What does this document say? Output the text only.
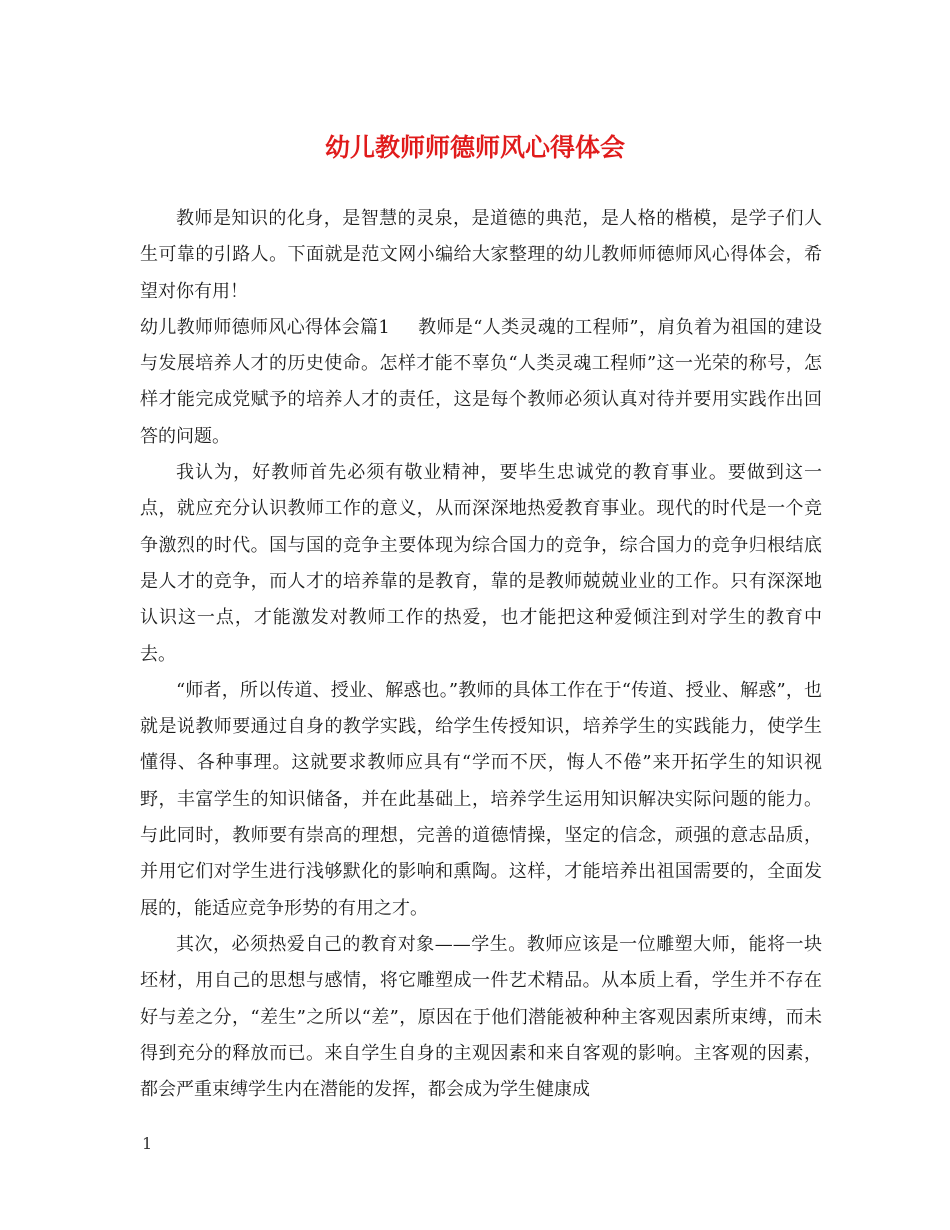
幼儿教师师德师风心得体会

教师是知识的化身，是智慧的灵泉，是道德的典范，是人格的楷模，是学子们人生可靠的引路人。下面就是范文网小编给大家整理的幼儿教师师德师风心得体会，希望对你有用！

幼儿教师师德师风心得体会篇1 教师是“人类灵魂的工程师”，肩负着为祖国的建设与发展培养人才的历史使命。怎样才能不辜负“人类灵魂工程师”这一光荣的称号，怎样才能完成党赋予的培养人才的责任，这是每个教师必须认真对待并要用实践作出回答的问题。

我认为，好教师首先必须有敬业精神，要毕生忠诚党的教育事业。要做到这一点，就应充分认识教师工作的意义，从而深深地热爱教育事业。现代的时代是一个竞争激烈的时代。国与国的竞争主要体现为综合国力的竞争，综合国力的竞争归根结底是人才的竞争，而人才的培养靠的是教育，靠的是教师兢兢业业的工作。只有深深地认识这一点，才能激发对教师工作的热爱，也才能把这种爱倾注到对学生的教育中去。

“师者，所以传道、授业、解惑也。”教师的具体工作在于“传道、授业、解惑”，也就是说教师要通过自身的教学实践，给学生传授知识，培养学生的实践能力，使学生懂得、各种事理。这就要求教师应具有“学而不厌，悔人不倦”来开拓学生的知识视野，丰富学生的知识储备，并在此基础上，培养学生运用知识解决实际问题的能力。与此同时，教师要有崇高的理想，完善的道德情操，坚定的信念，顽强的意志品质，并用它们对学生进行浅够默化的影响和熏陶。这样，才能培养出祖国需要的，全面发展的，能适应竞争形势的有用之才。

其次，必须热爱自己的教育对象——学生。教师应该是一位雕塑大师，能将一块坯材，用自己的思想与感情，将它雕塑成一件艺术精品。从本质上看，学生并不存在好与差之分，“差生”之所以“差”，原因在于他们潜能被种种主客观因素所束缚，而未得到充分的释放而已。来自学生自身的主观因素和来自客观的影响。主客观的因素，都会严重束缚学生内在潜能的发挥，都会成为学生健康成

1
